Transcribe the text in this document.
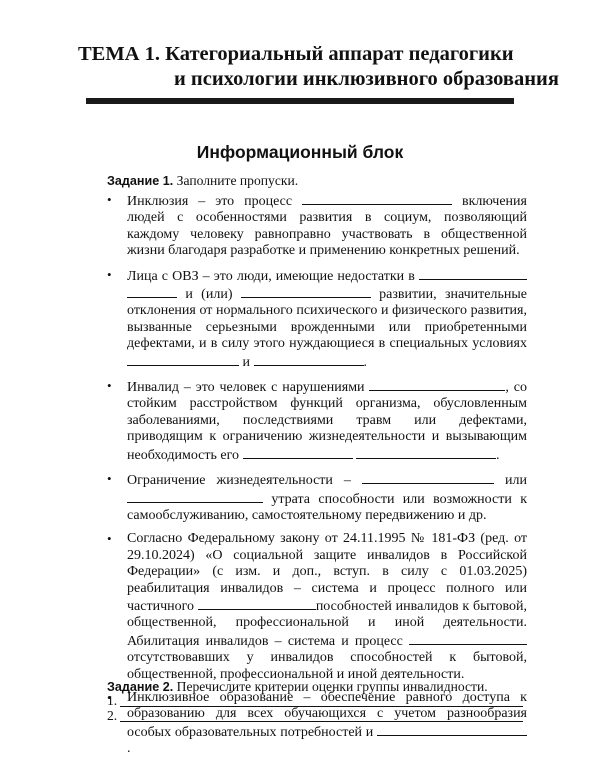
ТЕМА 1. Категориальный аппарат педагогики
и психологии инклюзивного образования
Информационный блок
Задание 1. Заполните пропуски.
• Инклюзия – это процесс	включения людей с особенностями развития в социум, позволяющий каждому человеку равноправно участвовать в общественной жизни благодаря разработке и применению конкретных решений.
• Лица с ОВЗ – это люди, имеющие недостатки в   и (или)	развитии, значительные отклонения от нормального психического и физического развития, вызванные серьезными врожденными или приобретенными дефектами, и в силу этого нуждающиеся в специальных условиях  и	.
• Инвалид – это человек с нарушениями	, со стойким расстройством функций организма, обусловленным заболеваниями, последствиями травм или дефектами, приводящим к ограничению жизнедеятельности и вызывающим необходимость его	.
• Ограничение жизнедеятельности –	или  утрата способности или возможности к самообслуживанию, самостоятельному передвижению и др.
• Согласно Федеральному закону от 24.11.1995 № 181-ФЗ (ред. от 29.10.2024) «О социальной защите инвалидов в Российской Федерации» (с изм. и доп., вступ. в силу с 01.03.2025) реабилитация инвалидов – система и процесс полного или частичного	пособностей инвалидов к бытовой, общественной, профессиональной и иной деятельности. Абилитация инвалидов – система и процесс  отсутствовавших у инвалидов способностей к бытовой, общественной, профессиональной и иной деятельности.
• Инклюзивное образование – обеспечение равного доступа к образованию для всех обучающихся с учетом разнообразия особых образовательных потребностей и .
Задание 2. Перечислите критерии оценки группы инвалидности.
1.
2.
